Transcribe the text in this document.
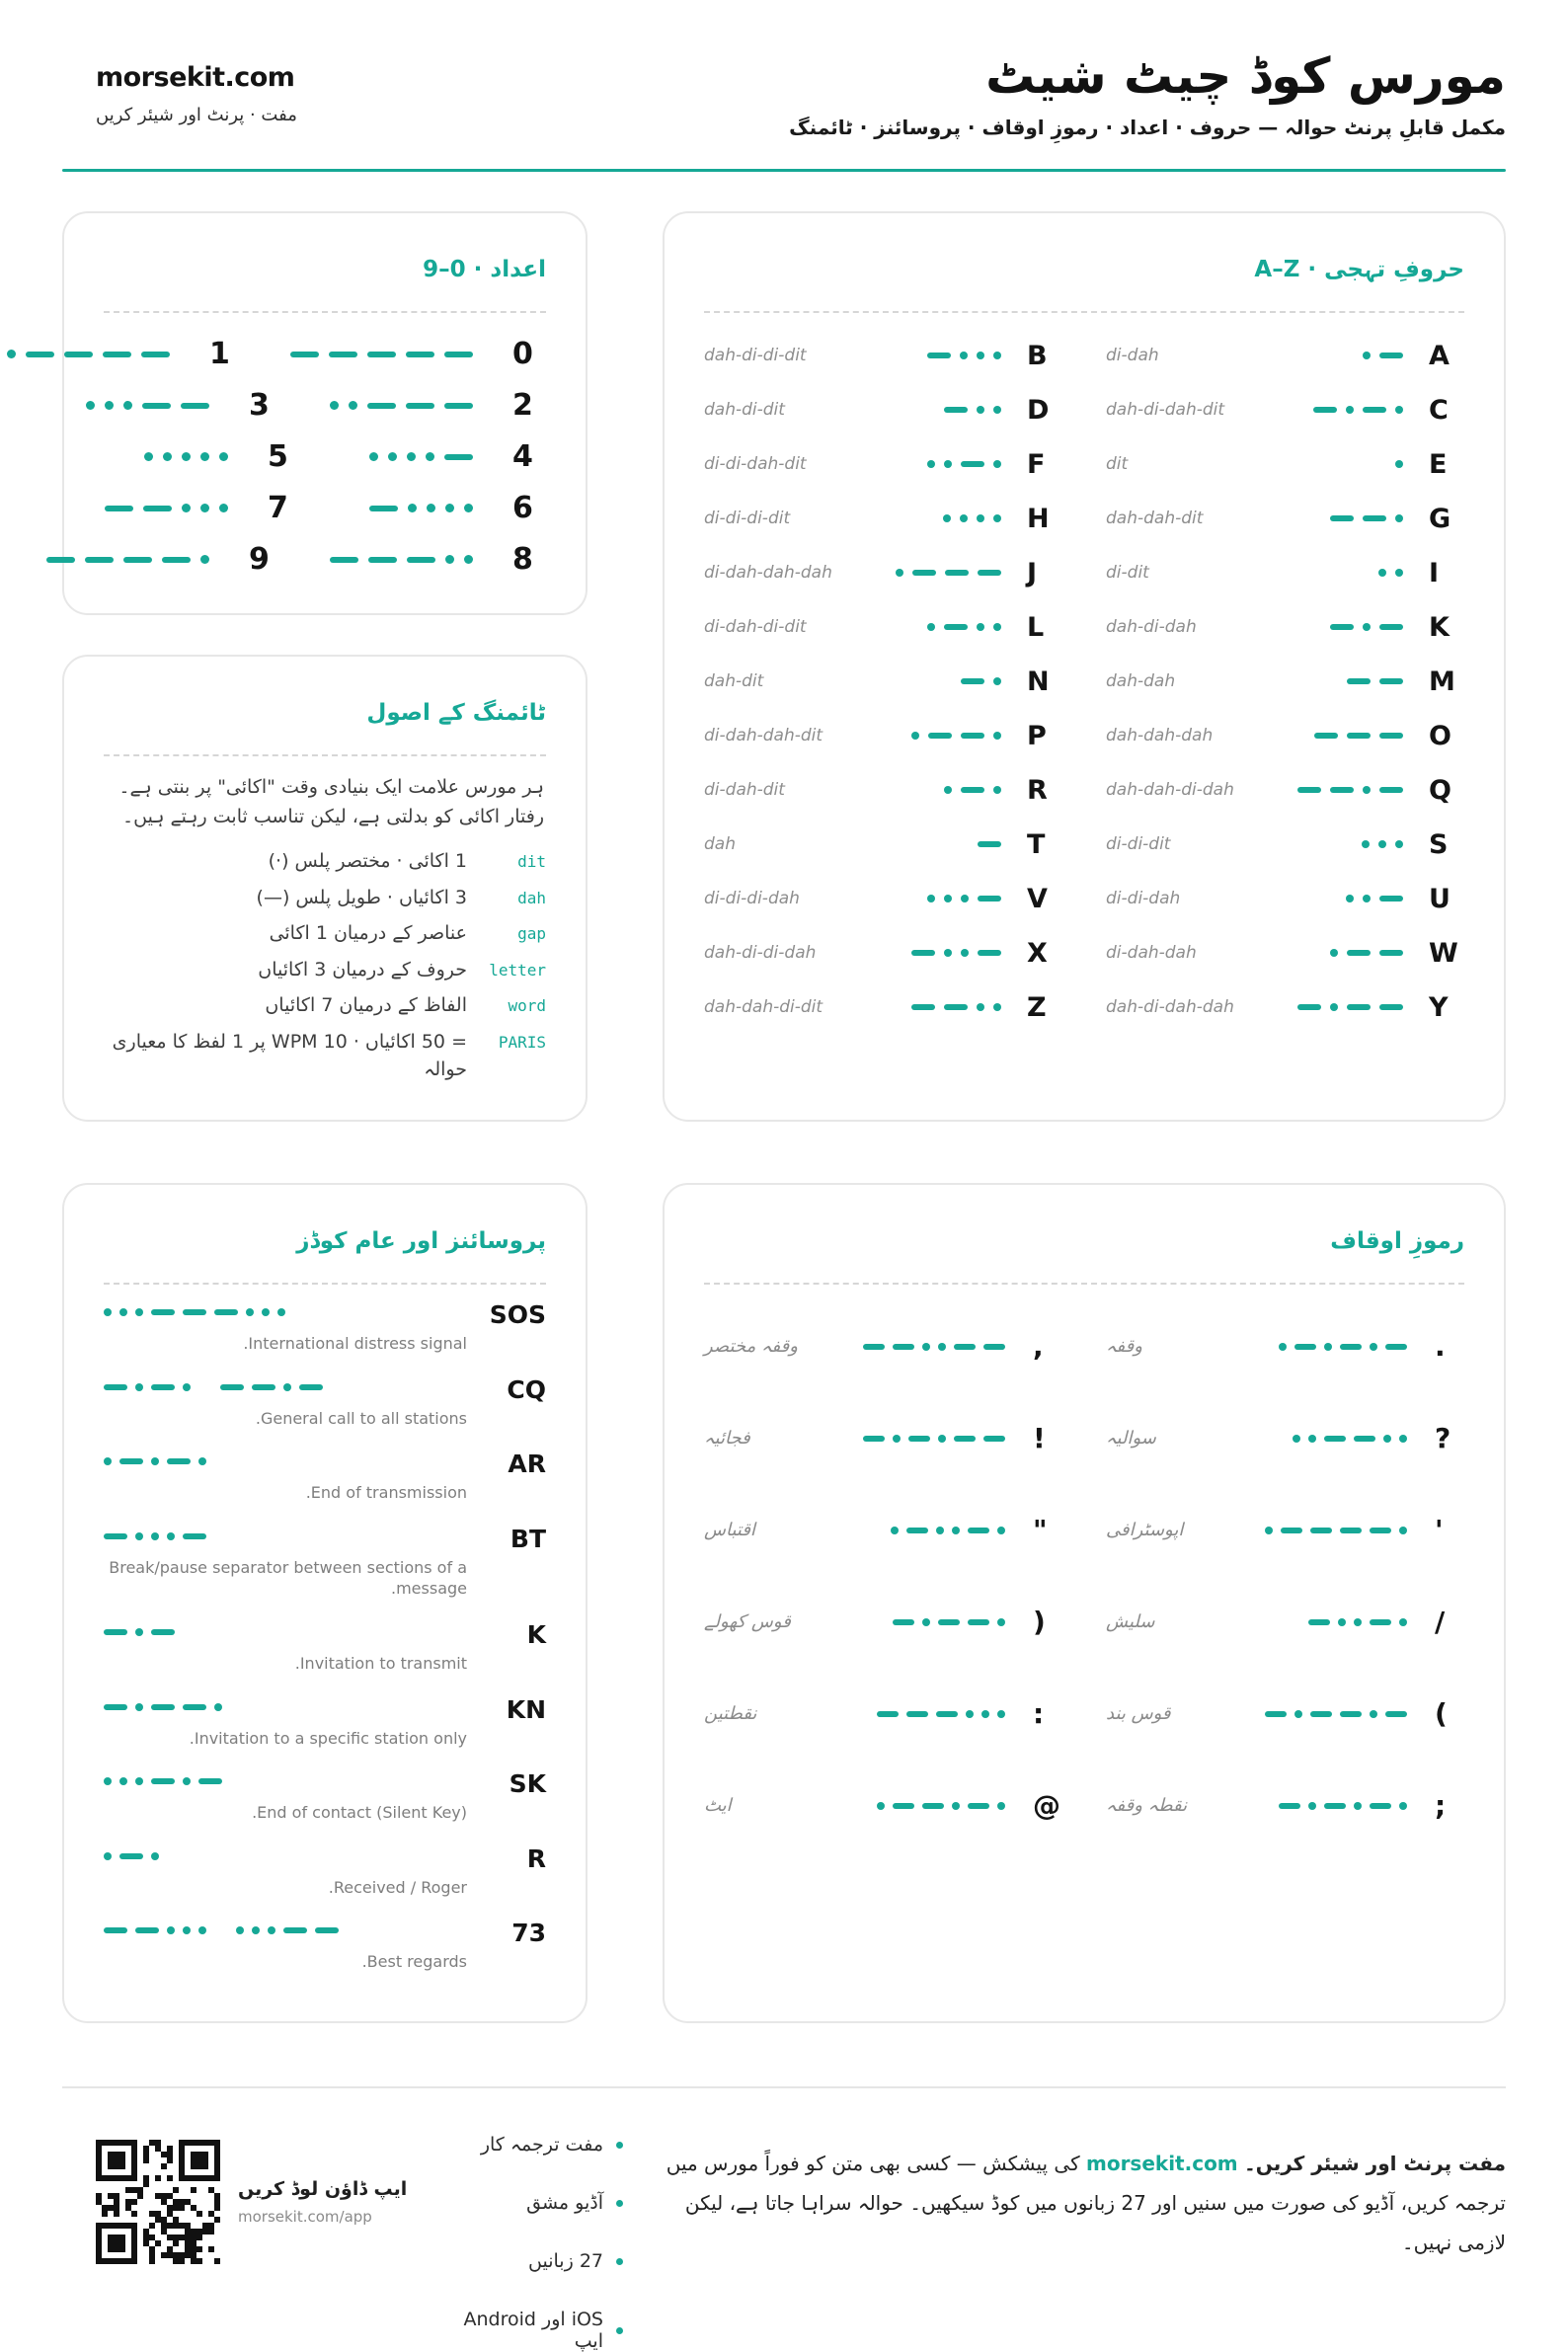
مورس کوڈ چیٹ شیٹ
مکمل قابلِ پرنٹ حوالہ — حروف · اعداد · رموزِ اوقاف · پروسائنز · ٹائمنگ
morsekit.com
مفت · پرنٹ اور شیئر کریں
حروفِ تہجی · A–Z
di-dah	A
dah-di-di-dit	B
dah-di-dah-dit	C
dah-di-dit	D
dit	E
di-di-dah-dit	F
dah-dah-dit	G
di-di-di-dit	H
di-dit	I
di-dah-dah-dah	J
dah-di-dah	K
di-dah-di-dit	L
dah-dah	M
dah-dit	N
dah-dah-dah	O
di-dah-dah-dit	P
dah-dah-di-dah	Q
di-dah-dit	R
di-di-dit	S
dah	T
di-di-dah	U
di-di-di-dah	V
di-dah-dah	W
dah-di-di-dah	X
dah-di-dah-dah	Y
dah-dah-di-dit	Z
اعداد · 0–9
0
1
2
3
4
5
6
7
8
9
ٹائمنگ کے اصول
ہر مورس علامت ایک بنیادی وقت "اکائی" پر بنتی ہے۔ رفتار اکائی کو بدلتی ہے، لیکن تناسب ثابت رہتے ہیں۔
dit
1 اکائی · مختصر پلس (·)
dah
3 اکائیاں · طویل پلس (—)
gap
عناصر کے درمیان 1 اکائی
letter
حروف کے درمیان 3 اکائیاں
word
الفاظ کے درمیان 7 اکائیاں
PARIS
= 50 اکائیاں · 10 WPM پر 1 لفظ کا معیاری حوالہ
رموزِ اوقاف
وقفہ	.
وقفہ مختصر	,
سوالیہ	?
فجائیہ	!
اپوسٹرافی	'
اقتباس	"
سلیش	/
قوس کھولے	(
قوس بند	)
نقطتین	:
نقطہ وقفہ	;
ایٹ	@
پروسائنز اور عام کوڈز
SOS
International distress signal.
CQ
General call to all stations.
AR
End of transmission.
BT
Break/pause separator between sections of a message.
K
Invitation to transmit.
KN
Invitation to a specific station only.
SK
End of contact (Silent Key).
R
Received / Roger.
73
Best regards.
مفت پرنٹ اور شیئر کریں۔ morsekit.com کی پیشکش — کسی بھی متن کو فوراً مورس میں ترجمہ کریں، آڈیو کی صورت میں سنیں اور 27 زبانوں میں کوڈ سیکھیں۔ حوالہ سراہا جاتا ہے، لیکن لازمی نہیں۔
مفت ترجمہ کار
آڈیو مشق
27 زبانیں
iOS اور Android ایپ
ایپ ڈاؤن لوڈ کریں
morsekit.com/app
